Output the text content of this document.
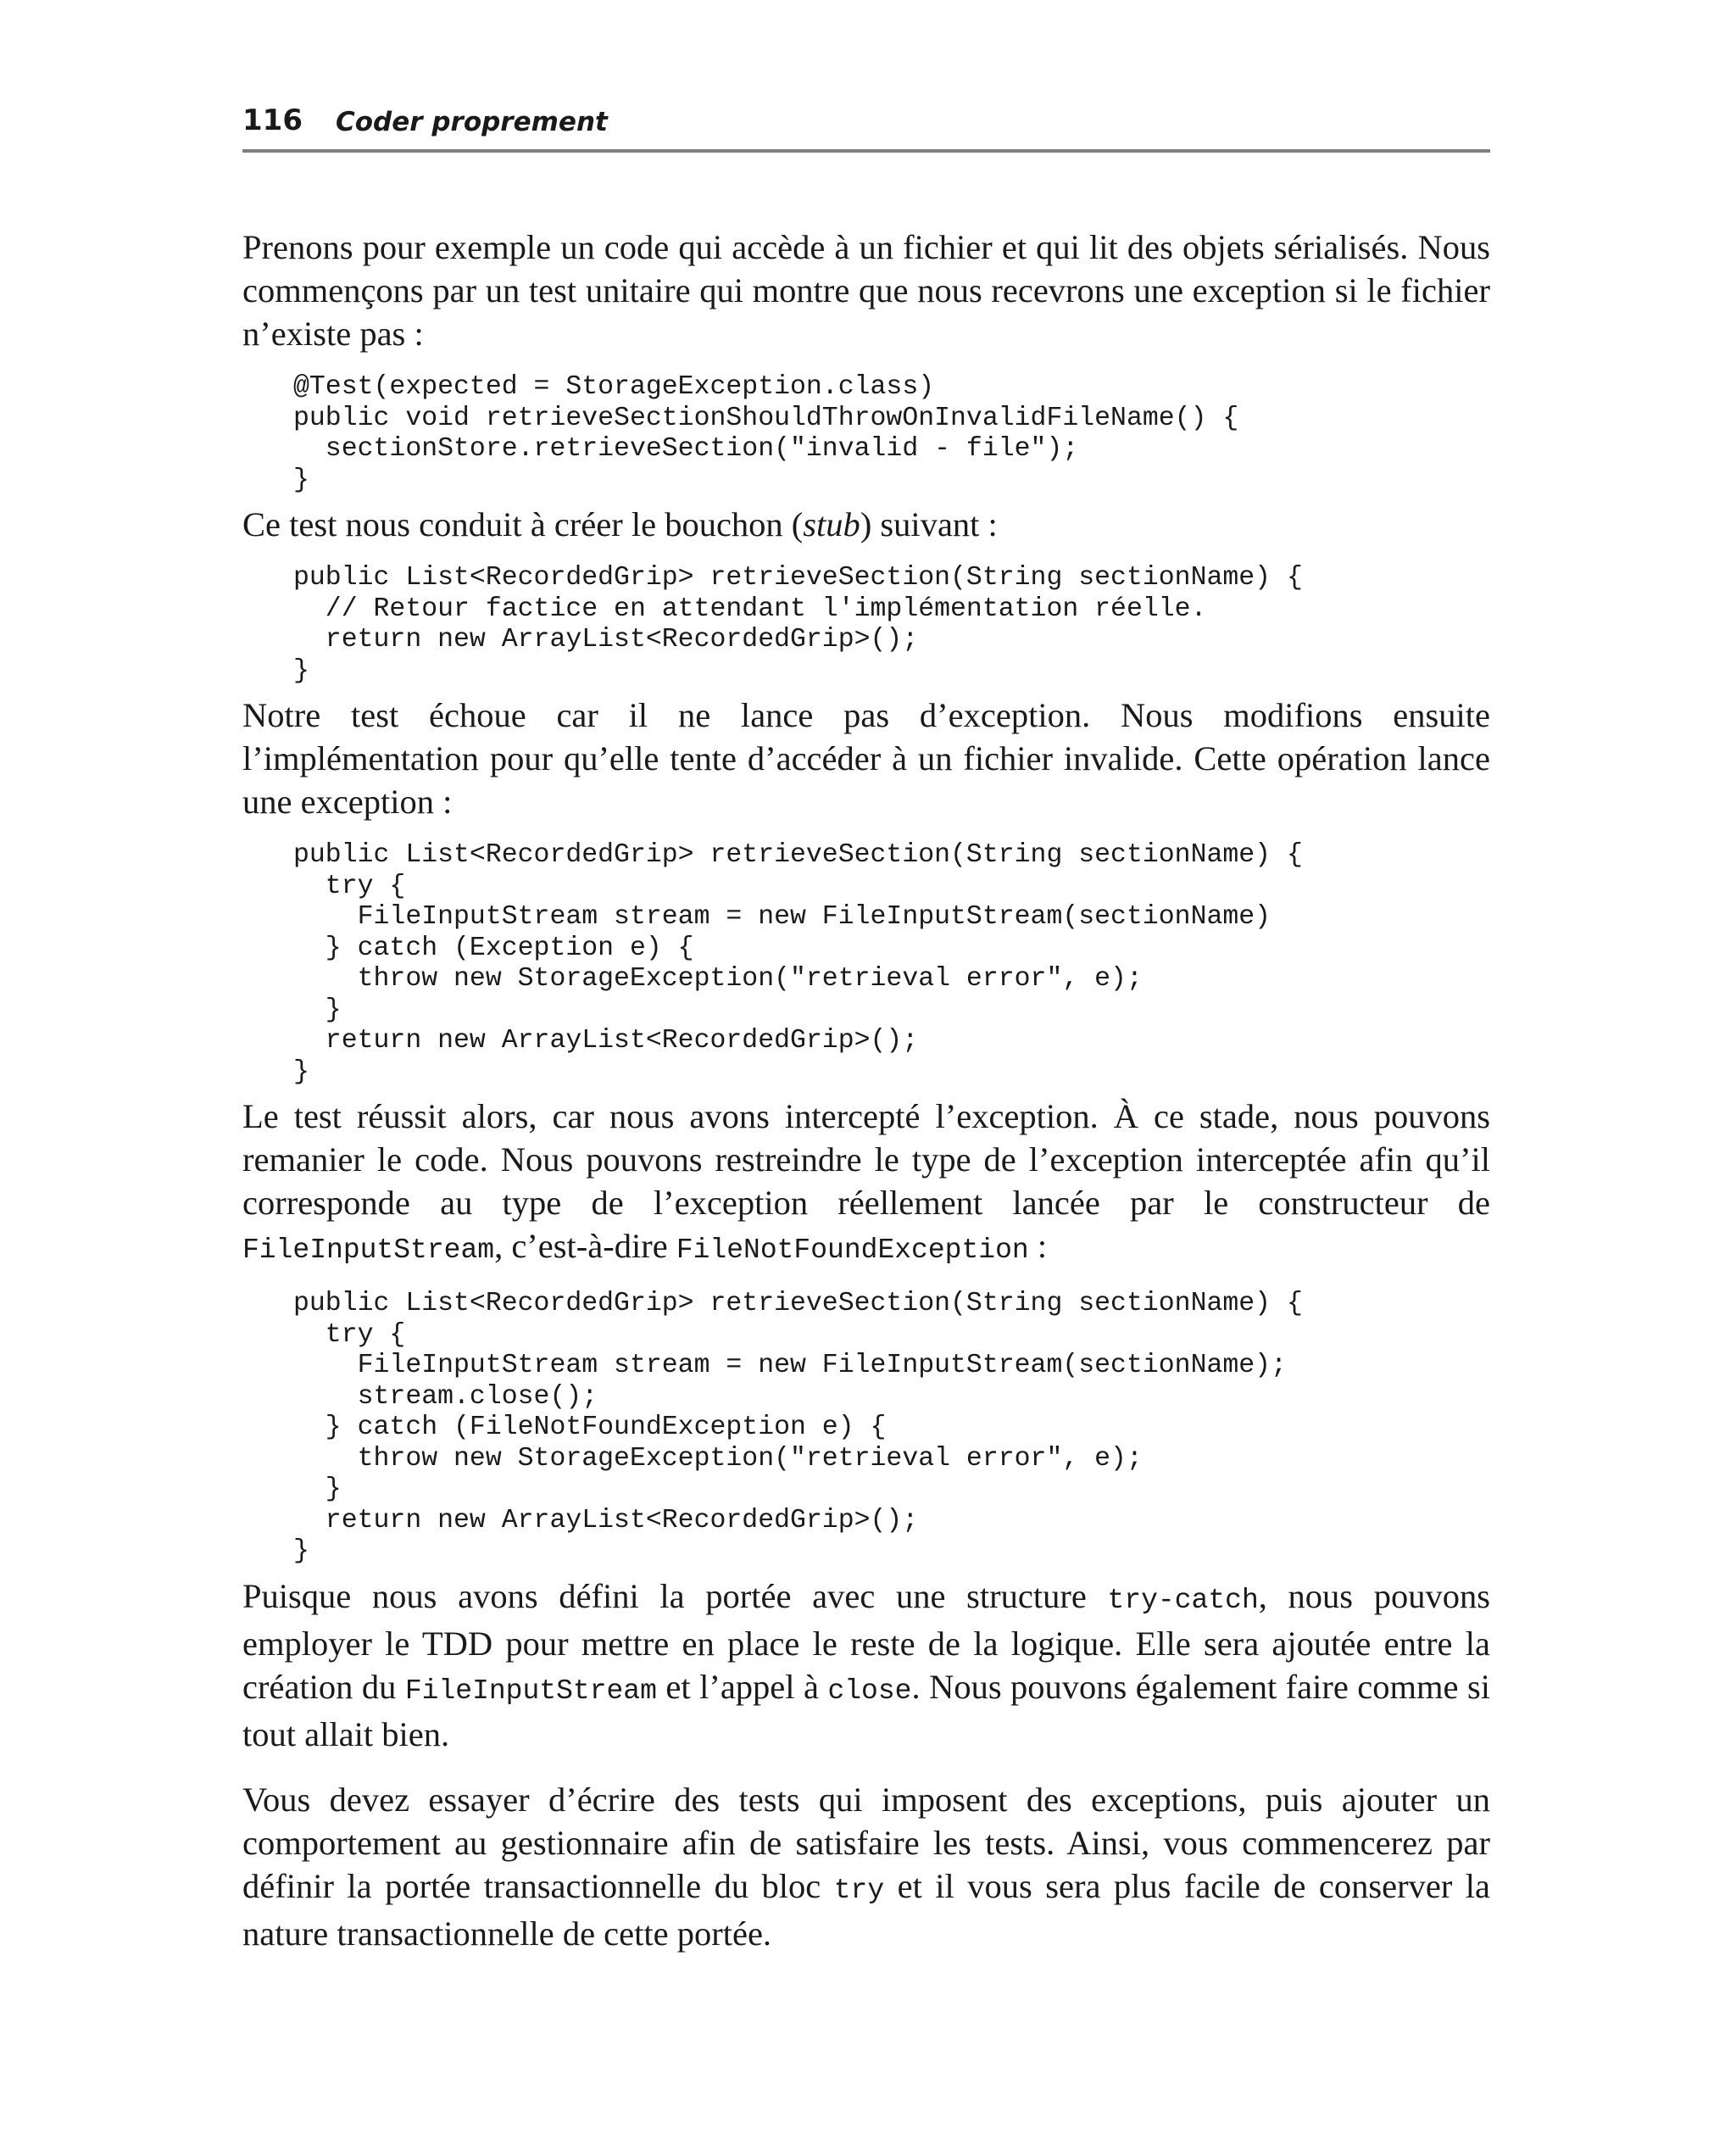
116 Coder proprement

Prenons pour exemple un code qui accède à un fichier et qui lit des objets sérialisés. Nous commençons par un test unitaire qui montre que nous recevrons une exception si le fichier n’existe pas :

@Test(expected = StorageException.class)
public void retrieveSectionShouldThrowOnInvalidFileName() {
sectionStore.retrieveSection("invalid - file");
}

Ce test nous conduit à créer le bouchon (stub) suivant :

public List<RecordedGrip> retrieveSection(String sectionName) {
// Retour factice en attendant l'implémentation réelle.
return new ArrayList<RecordedGrip>();
}

Notre test échoue car il ne lance pas d’exception. Nous modifions ensuite l’implémentation pour qu’elle tente d’accéder à un fichier invalide. Cette opération lance une exception :

public List<RecordedGrip> retrieveSection(String sectionName) {
try {
FileInputStream stream = new FileInputStream(sectionName)
} catch (Exception e) {
throw new StorageException("retrieval error", e);
}
return new ArrayList<RecordedGrip>();
}

Le test réussit alors, car nous avons intercepté l’exception. À ce stade, nous pouvons remanier le code. Nous pouvons restreindre le type de l’exception interceptée afin qu’il corresponde au type de l’exception réellement lancée par le constructeur de FileInputStream, c’est-à-dire FileNotFoundException :

public List<RecordedGrip> retrieveSection(String sectionName) {
try {
FileInputStream stream = new FileInputStream(sectionName);
stream.close();
} catch (FileNotFoundException e) {
throw new StorageException("retrieval error", e);
}
return new ArrayList<RecordedGrip>();
}

Puisque nous avons défini la portée avec une structure try-catch, nous pouvons employer le TDD pour mettre en place le reste de la logique. Elle sera ajoutée entre la création du FileInputStream et l’appel à close. Nous pouvons également faire comme si tout allait bien.

Vous devez essayer d’écrire des tests qui imposent des exceptions, puis ajouter un comportement au gestionnaire afin de satisfaire les tests. Ainsi, vous commencerez par définir la portée transactionnelle du bloc try et il vous sera plus facile de conserver la nature transactionnelle de cette portée.
